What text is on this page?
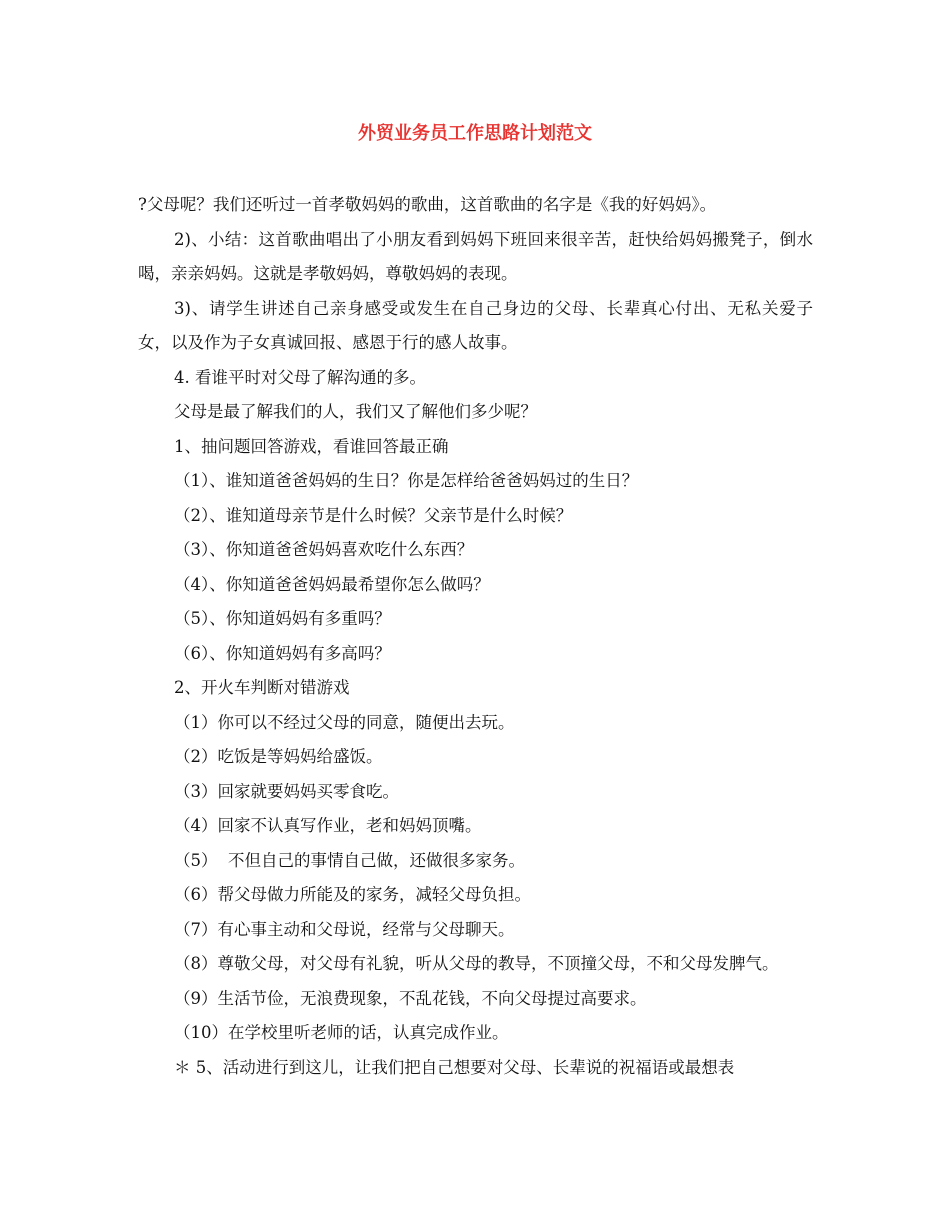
外贸业务员工作思路计划范文

?父母呢？我们还听过一首孝敬妈妈的歌曲，这首歌曲的名字是《我的好妈妈》。

2)、小结：这首歌曲唱出了小朋友看到妈妈下班回来很辛苦，赶快给妈妈搬凳子，倒水喝，亲亲妈妈。这就是孝敬妈妈，尊敬妈妈的表现。

3)、请学生讲述自己亲身感受或发生在自己身边的父母、长辈真心付出、无私关爱子女，以及作为子女真诚回报、感恩于行的感人故事。

4. 看谁平时对父母了解沟通的多。

父母是最了解我们的人，我们又了解他们多少呢？

1、抽问题回答游戏，看谁回答最正确

（1）、谁知道爸爸妈妈的生日？你是怎样给爸爸妈妈过的生日？

（2）、谁知道母亲节是什么时候？父亲节是什么时候？

（3）、你知道爸爸妈妈喜欢吃什么东西？

（4）、你知道爸爸妈妈最希望你怎么做吗？

（5）、你知道妈妈有多重吗？

（6）、你知道妈妈有多高吗？

2、开火车判断对错游戏

（1）你可以不经过父母的同意，随便出去玩。

（2）吃饭是等妈妈给盛饭。

（3）回家就要妈妈买零食吃。

（4）回家不认真写作业，老和妈妈顶嘴。

（5）  不但自己的事情自己做，还做很多家务。

（6）帮父母做力所能及的家务，减轻父母负担。

（7）有心事主动和父母说，经常与父母聊天。

（8）尊敬父母，对父母有礼貌，听从父母的教导，不顶撞父母，不和父母发脾气。

（9）生活节俭，无浪费现象，不乱花钱，不向父母提过高要求。

（10）在学校里听老师的话，认真完成作业。

＊ 5、活动进行到这儿，让我们把自己想要对父母、长辈说的祝福语或最想表
